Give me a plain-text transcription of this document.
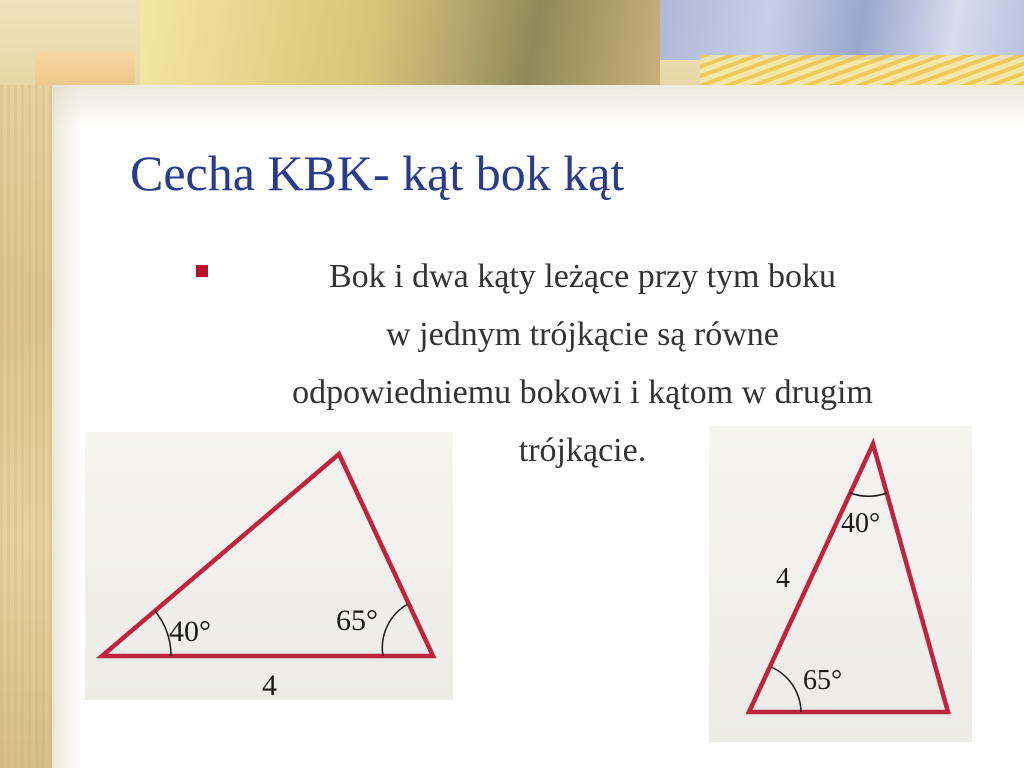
Cecha KBK- kąt bok kąt

Bok i dwa kąty leżące przy tym boku
w jednym trójkącie są równe
odpowiedniemu bokowi i kątom w drugim
trójkącie.

40°	65°
4
40°
4
65°
